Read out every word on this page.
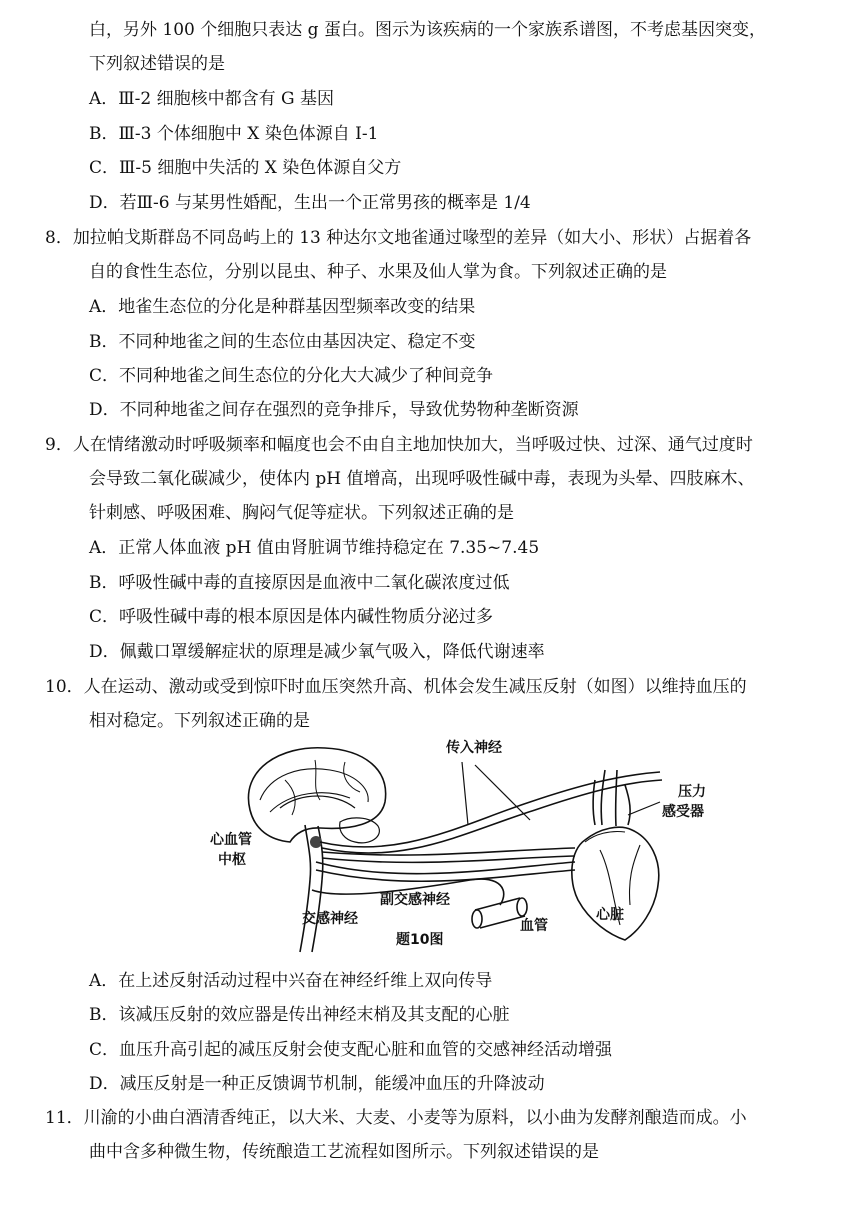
白，另外 100 个细胞只表达 g 蛋白。图示为该疾病的一个家族系谱图，不考虑基因突变，
下列叙述错误的是
A．Ⅲ-2 细胞核中都含有 G 基因
B．Ⅲ-3 个体细胞中 X 染色体源自 I-1
C．Ⅲ-5 细胞中失活的 X 染色体源自父方
D．若Ⅲ-6 与某男性婚配，生出一个正常男孩的概率是 1/4
8．加拉帕戈斯群岛不同岛屿上的 13 种达尔文地雀通过喙型的差异（如大小、形状）占据着各
自的食性生态位，分别以昆虫、种子、水果及仙人掌为食。下列叙述正确的是
A．地雀生态位的分化是种群基因型频率改变的结果
B．不同种地雀之间的生态位由基因决定、稳定不变
C．不同种地雀之间生态位的分化大大减少了种间竞争
D．不同种地雀之间存在强烈的竞争排斥，导致优势物种垄断资源
9．人在情绪激动时呼吸频率和幅度也会不由自主地加快加大，当呼吸过快、过深、通气过度时
会导致二氧化碳减少，使体内 pH 值增高，出现呼吸性碱中毒，表现为头晕、四肢麻木、
针刺感、呼吸困难、胸闷气促等症状。下列叙述正确的是
A．正常人体血液 pH 值由肾脏调节维持稳定在 7.35~7.45
B．呼吸性碱中毒的直接原因是血液中二氧化碳浓度过低
C．呼吸性碱中毒的根本原因是体内碱性物质分泌过多
D．佩戴口罩缓解症状的原理是减少氧气吸入，降低代谢速率
10．人在运动、激动或受到惊吓时血压突然升高、机体会发生减压反射（如图）以维持血压的
相对稳定。下列叙述正确的是
传入神经
压力
感受器
心血管
中枢
副交感神经
交感神经	血管
心脏
题10图
A．在上述反射活动过程中兴奋在神经纤维上双向传导
B．该减压反射的效应器是传出神经末梢及其支配的心脏
C．血压升高引起的减压反射会使支配心脏和血管的交感神经活动增强
D．减压反射是一种正反馈调节机制，能缓冲血压的升降波动
11．川渝的小曲白酒清香纯正，以大米、大麦、小麦等为原料，以小曲为发酵剂酿造而成。小
曲中含多种微生物，传统酿造工艺流程如图所示。下列叙述错误的是
